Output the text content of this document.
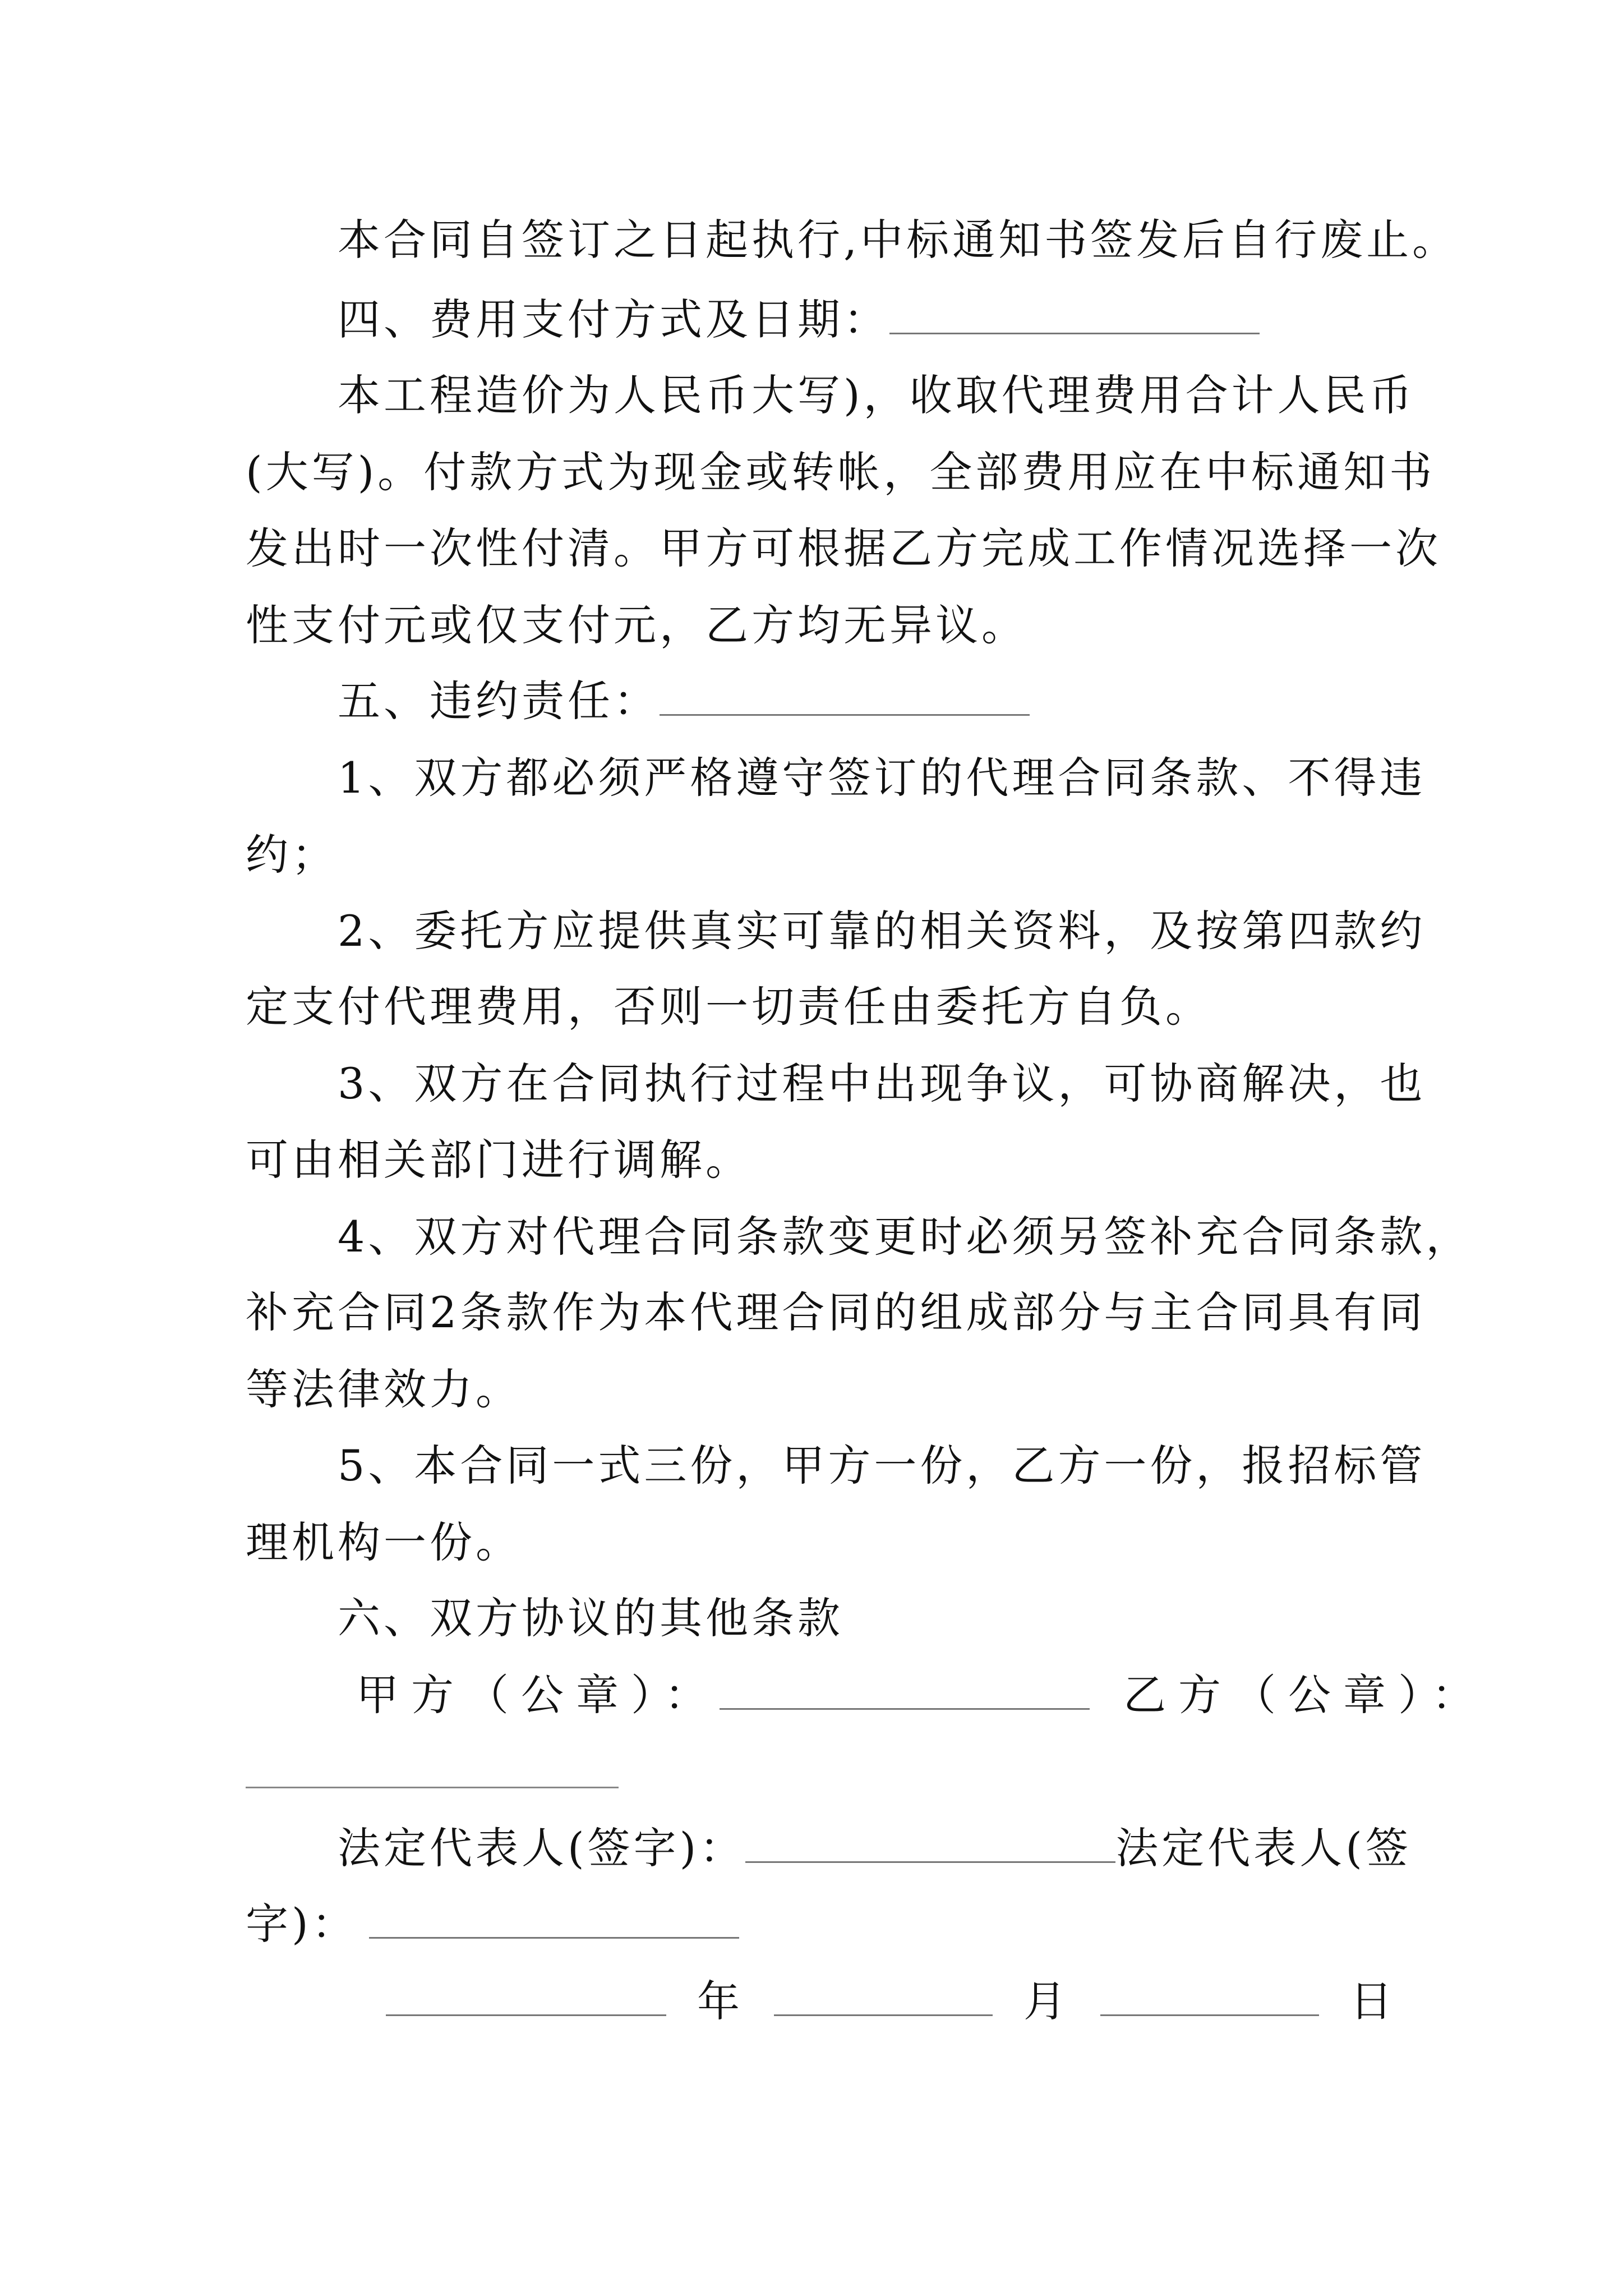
本合同自签订之日起执行,中标通知书签发后自行废止。
四、费用支付方式及日期：
本工程造价为人民币大写)，收取代理费用合计人民币
(大写)。付款方式为现金或转帐，全部费用应在中标通知书
发出时一次性付清。甲方可根据乙方完成工作情况选择一次
性支付元或仅支付元，乙方均无异议。
五、违约责任：
1、双方都必须严格遵守签订的代理合同条款、不得违
约；
2、委托方应提供真实可靠的相关资料，及按第四款约
定支付代理费用，否则一切责任由委托方自负。
3、双方在合同执行过程中出现争议，可协商解决，也
可由相关部门进行调解。
4、双方对代理合同条款变更时必须另签补充合同条款，
补充合同2条款作为本代理合同的组成部分与主合同具有同
等法律效力。
5、本合同一式三份，甲方一份，乙方一份，报招标管
理机构一份。
六、双方协议的其他条款
甲方（公章）：	乙方（公章）：
法定代表人(签字)：	法定代表人(签
字)：
年	月	日
